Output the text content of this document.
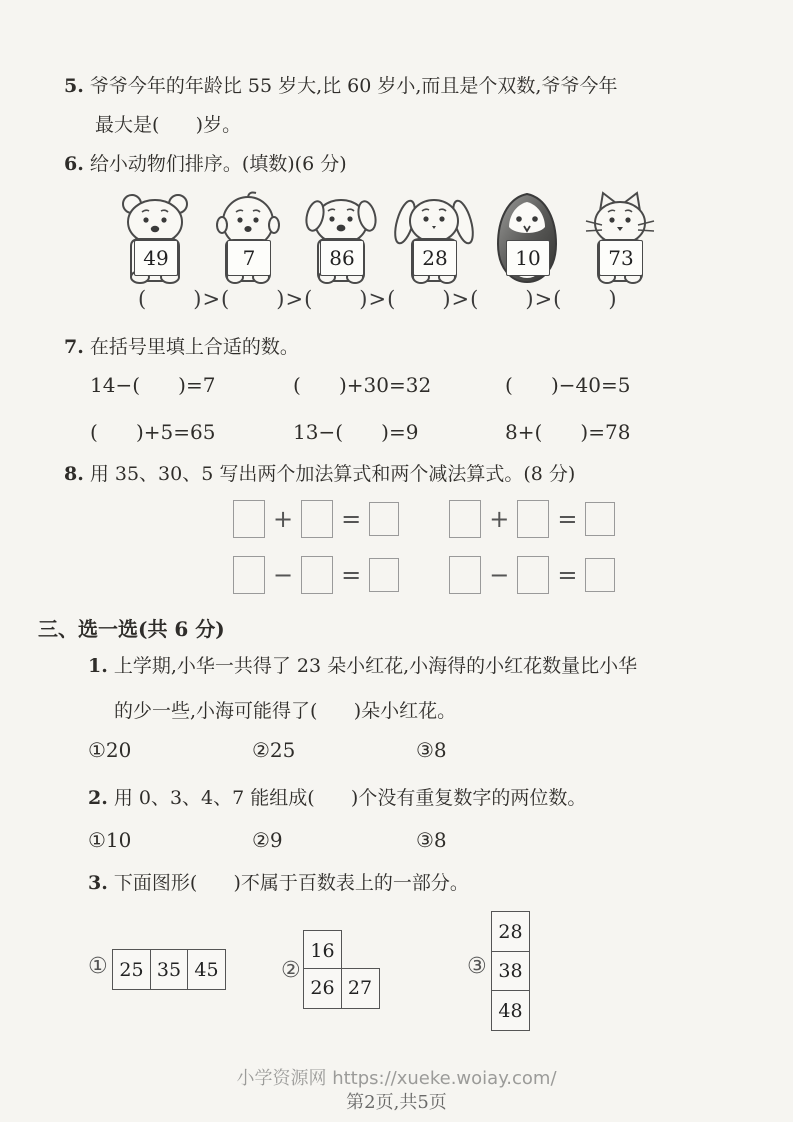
5. 爷爷今年的年龄比 55 岁大,比 60 岁小,而且是个双数,爷爷今年
最大是(      )岁。
6. 给小动物们排序。(填数)(6 分)
49	7	86	28	10	73
(      )>(      )>(      )>(      )>(      )>(      )
7. 在括号里填上合适的数。
14−(      )=7	(      )+30=32	(      )−40=5
(      )+5=65	13−(      )=9	8+(      )=78
8. 用 35、30、5 写出两个加法算式和两个减法算式。(8 分)
+ =	+ =
− =	− =
三、选一选(共 6 分)
1. 上学期,小华一共得了 23 朵小红花,小海得的小红花数量比小华
的少一些,小海可能得了(      )朵小红花。
①20	②25	③8
2. 用 0、3、4、7 能组成(      )个没有重复数字的两位数。
①10	②9	③8
3. 下面图形(      )不属于百数表上的一部分。
① 25 35 45	②
16
26 27
③
28
38
48
小学资源网 https://xueke.woiay.com/
第2页,共5页
